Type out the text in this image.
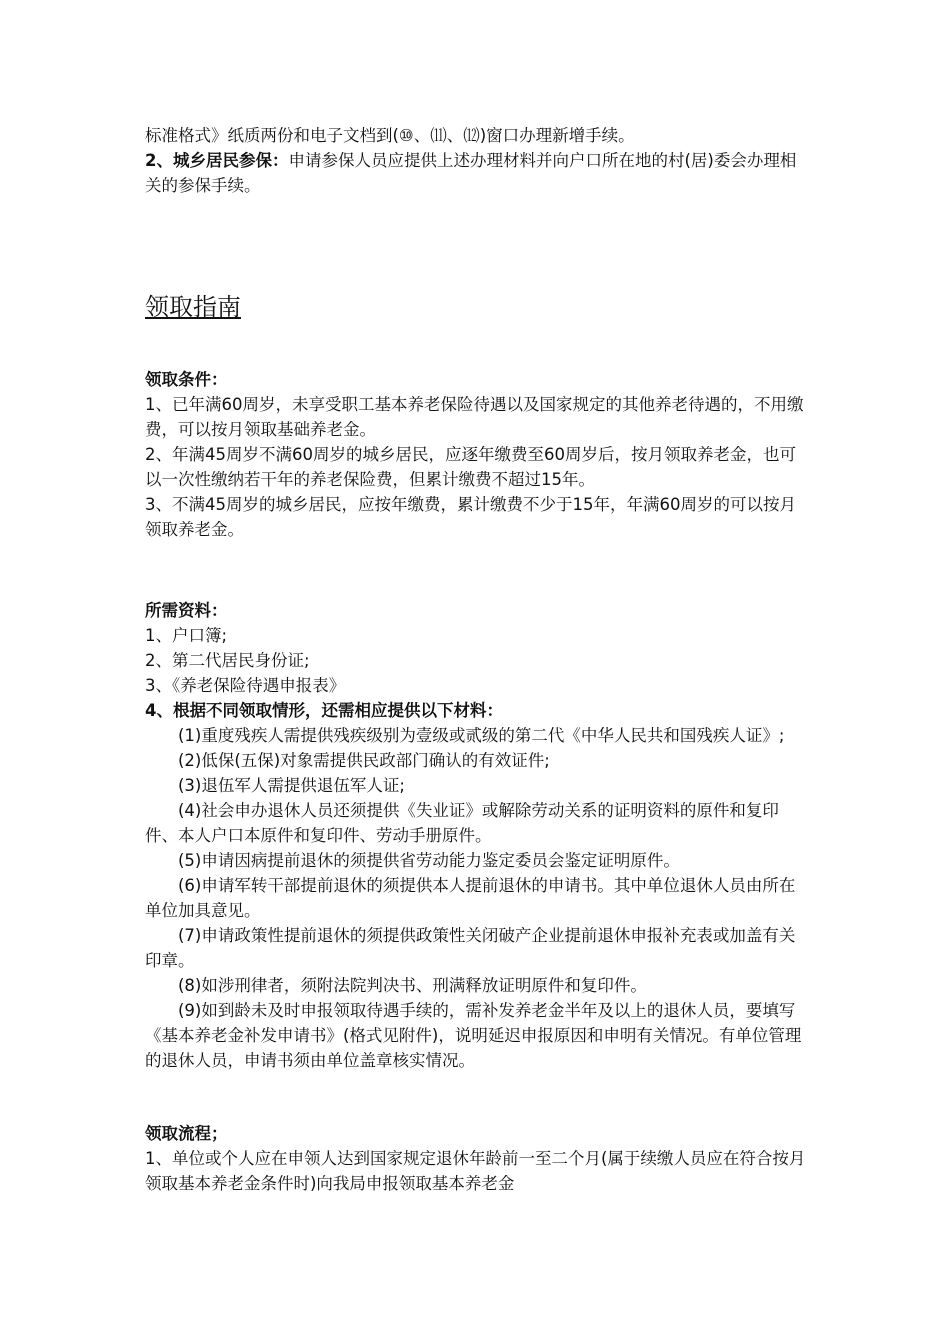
标准格式》纸质两份和电子文档到(⑩、⑾、⑿)窗口办理新增手续。

2、城乡居民参保：申请参保人员应提供上述办理材料并向户口所在地的村(居)委会办理相关的参保手续。

领取指南

领取条件：

1、已年满60周岁，未享受职工基本养老保险待遇以及国家规定的其他养老待遇的，不用缴费，可以按月领取基础养老金。

2、年满45周岁不满60周岁的城乡居民，应逐年缴费至60周岁后，按月领取养老金，也可以一次性缴纳若干年的养老保险费，但累计缴费不超过15年。

3、不满45周岁的城乡居民，应按年缴费，累计缴费不少于15年，年满60周岁的可以按月领取养老金。

所需资料：

1、户口簿;

2、第二代居民身份证;

3、《养老保险待遇申报表》

4、根据不同领取情形，还需相应提供以下材料：

(1)重度残疾人需提供残疾级别为壹级或贰级的第二代《中华人民共和国残疾人证》;

(2)低保(五保)对象需提供民政部门确认的有效证件;

(3)退伍军人需提供退伍军人证;

(4)社会申办退休人员还须提供《失业证》或解除劳动关系的证明资料的原件和复印件、本人户口本原件和复印件、劳动手册原件。

(5)申请因病提前退休的须提供省劳动能力鉴定委员会鉴定证明原件。

(6)申请军转干部提前退休的须提供本人提前退休的申请书。其中单位退休人员由所在单位加具意见。

(7)申请政策性提前退休的须提供政策性关闭破产企业提前退休申报补充表或加盖有关印章。

(8)如涉刑律者，须附法院判决书、刑满释放证明原件和复印件。

(9)如到龄未及时申报领取待遇手续的，需补发养老金半年及以上的退休人员，要填写《基本养老金补发申请书》(格式见附件)，说明延迟申报原因和申明有关情况。有单位管理的退休人员，申请书须由单位盖章核实情况。

领取流程；

1、单位或个人应在申领人达到国家规定退休年龄前一至二个月(属于续缴人员应在符合按月领取基本养老金条件时)向我局申报领取基本养老金
